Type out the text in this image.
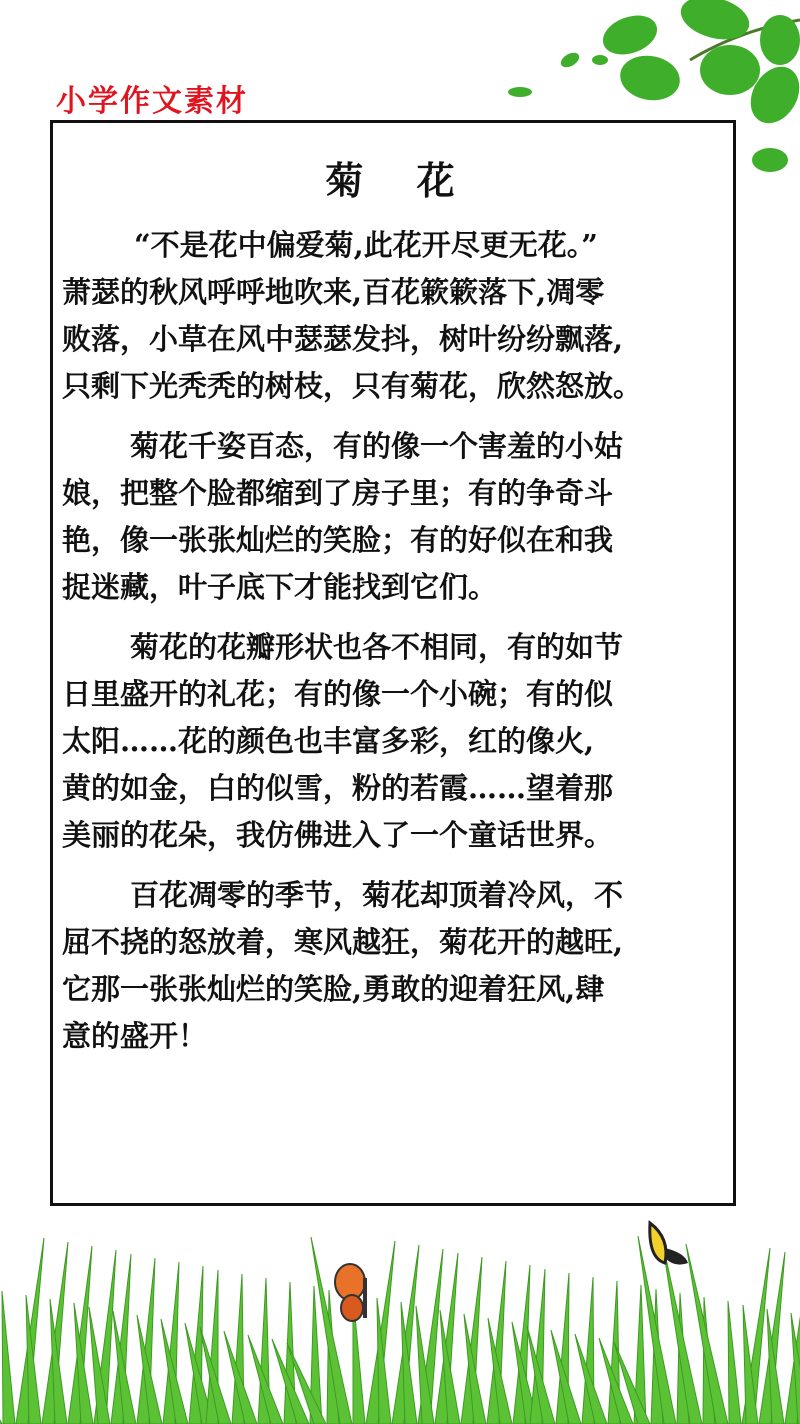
小学作文素材
菊 花
“不是花中偏爱菊,此花开尽更无花。”
萧瑟的秋风呼呼地吹来,百花簌簌落下,凋零
败落，小草在风中瑟瑟发抖，树叶纷纷飘落,
只剩下光秃秃的树枝，只有菊花，欣然怒放。
菊花千姿百态，有的像一个害羞的小姑
娘，把整个脸都缩到了房子里；有的争奇斗
艳，像一张张灿烂的笑脸；有的好似在和我
捉迷藏，叶子底下才能找到它们。
菊花的花瓣形状也各不相同，有的如节
日里盛开的礼花；有的像一个小碗；有的似
太阳……花的颜色也丰富多彩，红的像火,
黄的如金，白的似雪，粉的若霞……望着那
美丽的花朵，我仿佛进入了一个童话世界。
百花凋零的季节，菊花却顶着冷风，不
屈不挠的怒放着，寒风越狂，菊花开的越旺,
它那一张张灿烂的笑脸,勇敢的迎着狂风,肆
意的盛开！
